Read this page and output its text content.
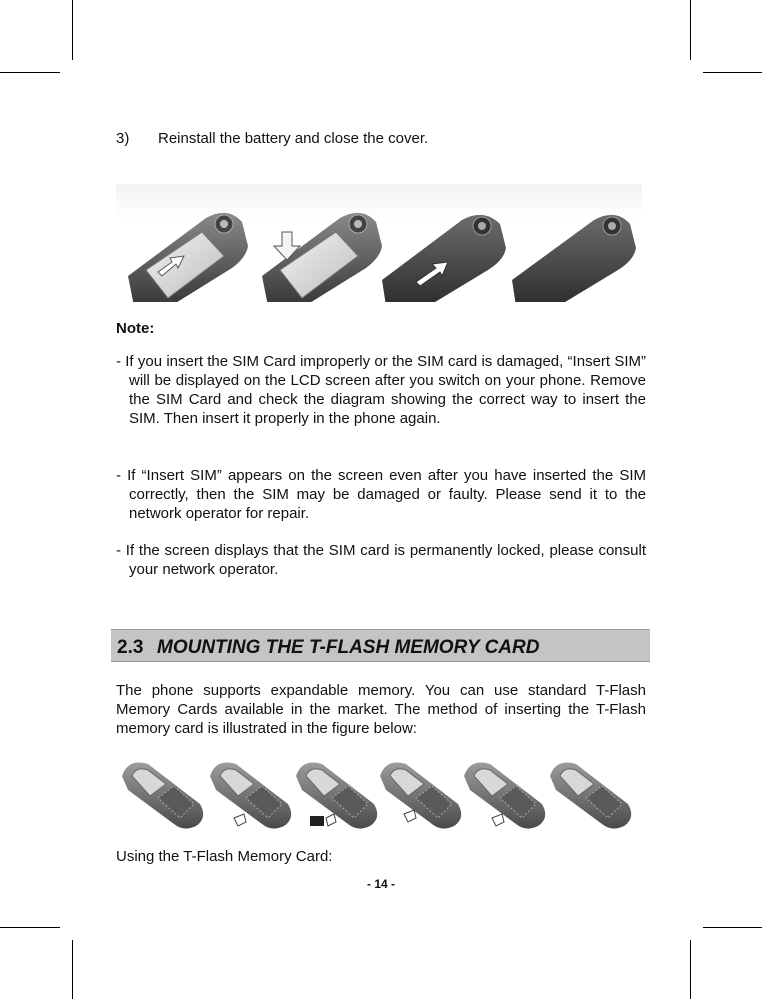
3) Reinstall the battery and close the cover.
Note:
- If you insert the SIM Card improperly or the SIM card is damaged, “Insert SIM” will be displayed on the LCD screen after you switch on your phone. Remove the SIM Card and check the diagram showing the correct way to insert the SIM. Then insert it properly in the phone again.
- If “Insert SIM” appears on the screen even after you have inserted the SIM correctly, then the SIM may be damaged or faulty. Please send it to the network operator for repair.
- If the screen displays that the SIM card is permanently locked, please consult your network operator.
2.3 MOUNTING THE T-FLASH MEMORY CARD
The phone supports expandable memory. You can use standard T-Flash Memory Cards available in the market. The method of inserting the T-Flash memory card is illustrated in the figure below:
Using the T-Flash Memory Card:
- 14 -
